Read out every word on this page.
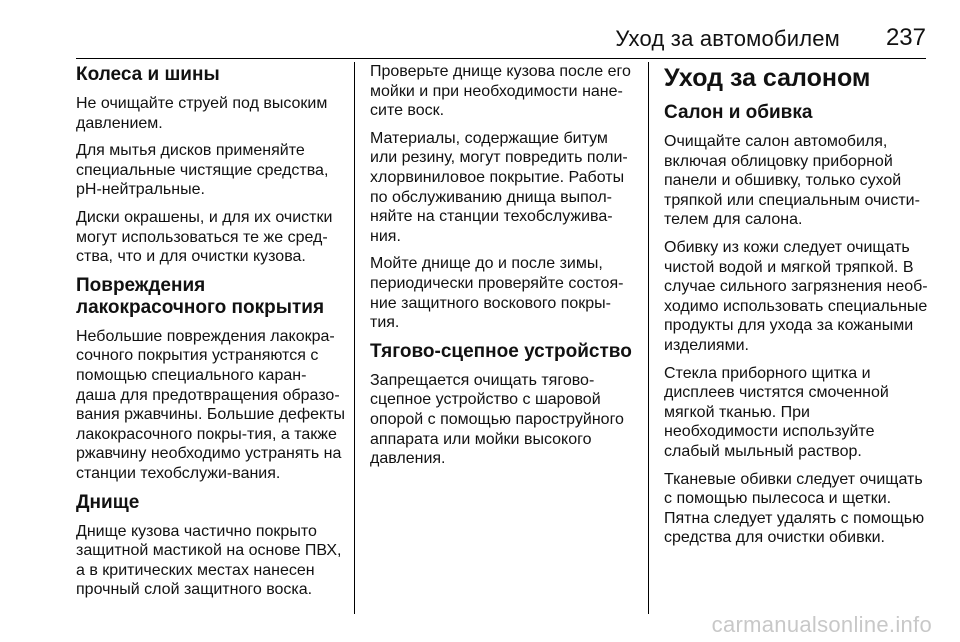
Уход за автомобилем 237
Колеса и шины

Не очищайте струей под высоким давлением.

Для мытья дисков применяйте специальные чистящие средства, pH-нейтральные.

Диски окрашены, и для их очистки могут использоваться те же сред-ства, что и для очистки кузова.

Повреждения лакокрасочного покрытия

Небольшие повреждения лакокра-сочного покрытия устраняются с помощью специального каран-даша для предотвращения образо-вания ржавчины. Большие дефекты лакокрасочного покры-тия, а также ржавчину необходимо устранять на станции техобслужи-вания.

Днище

Днище кузова частично покрыто защитной мастикой на основе ПВХ, а в критических местах нанесен прочный слой защитного воска.

Проверьте днище кузова после его мойки и при необходимости нане-сите воск.

Материалы, содержащие битум или резину, могут повредить поли-хлорвиниловое покрытие. Работы по обслуживанию днища выпол-няйте на станции техобслужива-ния.

Мойте днище до и после зимы, периодически проверяйте состоя-ние защитного воскового покры-тия.

Тягово-сцепное устройство

Запрещается очищать тягово-сцепное устройство с шаровой опорой с помощью пароструйного аппарата или мойки высокого давления.

Уход за салоном
Салон и обивка

Очищайте салон автомобиля, включая облицовку приборной панели и обшивку, только сухой тряпкой или специальным очисти-телем для салона.

Обивку из кожи следует очищать чистой водой и мягкой тряпкой. В случае сильного загрязнения необ-ходимо использовать специальные продукты для ухода за кожаными изделиями.

Стекла приборного щитка и дисплеев чистятся смоченной мягкой тканью. При необходимости используйте слабый мыльный раствор.

Тканевые обивки следует очищать с помощью пылесоса и щетки. Пятна следует удалять с помощью средства для очистки обивки.

carmanualsonline.info
